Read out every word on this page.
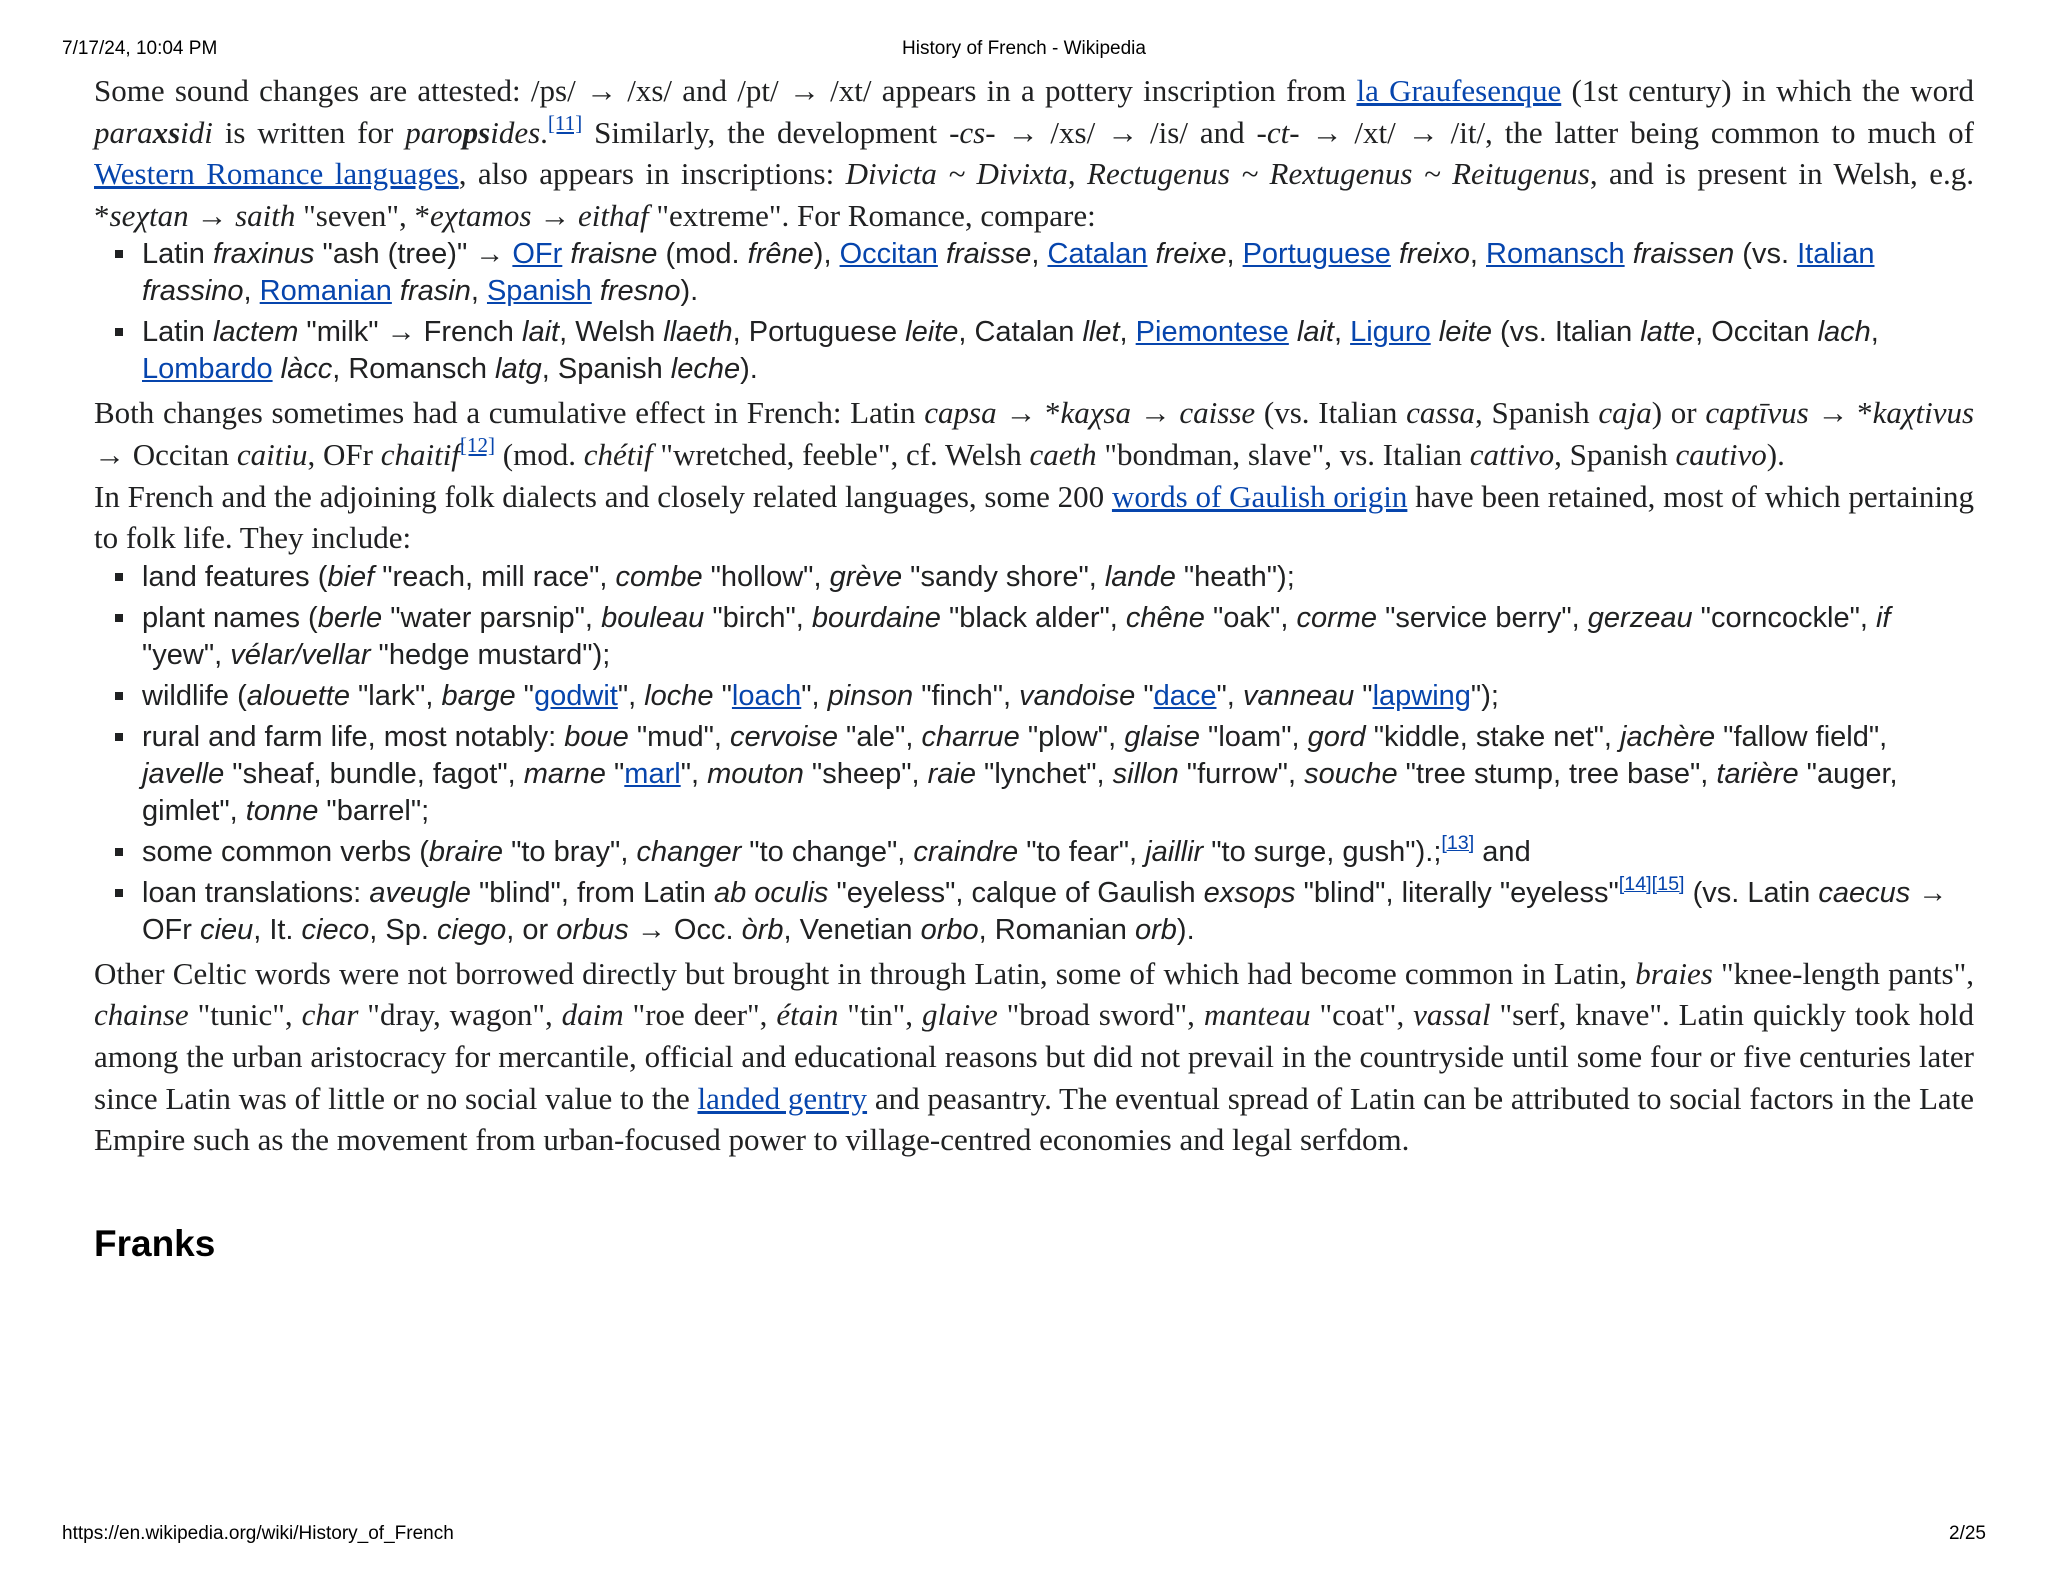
7/17/24, 10:04 PM	History of French - Wikipedia

Some sound changes are attested: /ps/ → /xs/ and /pt/ → /xt/ appears in a pottery inscription from la Graufesenque (1st century) in which the word paraxsidi is written for paropsides.[11] Similarly, the development -cs- → /xs/ → /is/ and -ct- → /xt/ → /it/, the latter being common to much of Western Romance languages, also appears in inscriptions: Divicta ~ Divixta, Rectugenus ~ Rextugenus ~ Reitugenus, and is present in Welsh, e.g. *seχtan → saith "seven", *eχtamos → eithaf "extreme". For Romance, compare:

Latin fraxinus "ash (tree)" → OFr fraisne (mod. frêne), Occitan fraisse, Catalan freixe, Portuguese freixo, Romansch fraissen (vs. Italian frassino, Romanian frasin, Spanish fresno).
Latin lactem "milk" → French lait, Welsh llaeth, Portuguese leite, Catalan llet, Piemontese lait, Liguro leite (vs. Italian latte, Occitan lach, Lombardo làcc, Romansch latg, Spanish leche).

Both changes sometimes had a cumulative effect in French: Latin capsa → *kaχsa → caisse (vs. Italian cassa, Spanish caja) or captīvus → *kaχtivus → Occitan caitiu, OFr chaitif[12] (mod. chétif "wretched, feeble", cf. Welsh caeth "bondman, slave", vs. Italian cattivo, Spanish cautivo).

In French and the adjoining folk dialects and closely related languages, some 200 words of Gaulish origin have been retained, most of which pertaining to folk life. They include:

land features (bief "reach, mill race", combe "hollow", grève "sandy shore", lande "heath");
plant names (berle "water parsnip", bouleau "birch", bourdaine "black alder", chêne "oak", corme "service berry", gerzeau "corncockle", if "yew", vélar/vellar "hedge mustard");
wildlife (alouette "lark", barge "godwit", loche "loach", pinson "finch", vandoise "dace", vanneau "lapwing");
rural and farm life, most notably: boue "mud", cervoise "ale", charrue "plow", glaise "loam", gord "kiddle, stake net", jachère "fallow field", javelle "sheaf, bundle, fagot", marne "marl", mouton "sheep", raie "lynchet", sillon "furrow", souche "tree stump, tree base", tarière "auger, gimlet", tonne "barrel";
some common verbs (braire "to bray", changer "to change", craindre "to fear", jaillir "to surge, gush").;[13] and
loan translations: aveugle "blind", from Latin ab oculis "eyeless", calque of Gaulish exsops "blind", literally "eyeless"[14][15] (vs. Latin caecus → OFr cieu, It. cieco, Sp. ciego, or orbus → Occ. òrb, Venetian orbo, Romanian orb).

Other Celtic words were not borrowed directly but brought in through Latin, some of which had become common in Latin, braies "knee-length pants", chainse "tunic", char "dray, wagon", daim "roe deer", étain "tin", glaive "broad sword", manteau "coat", vassal "serf, knave". Latin quickly took hold among the urban aristocracy for mercantile, official and educational reasons but did not prevail in the countryside until some four or five centuries later since Latin was of little or no social value to the landed gentry and peasantry. The eventual spread of Latin can be attributed to social factors in the Late Empire such as the movement from urban-focused power to village-centred economies and legal serfdom.

Franks
https://en.wikipedia.org/wiki/History_of_French	2/25
